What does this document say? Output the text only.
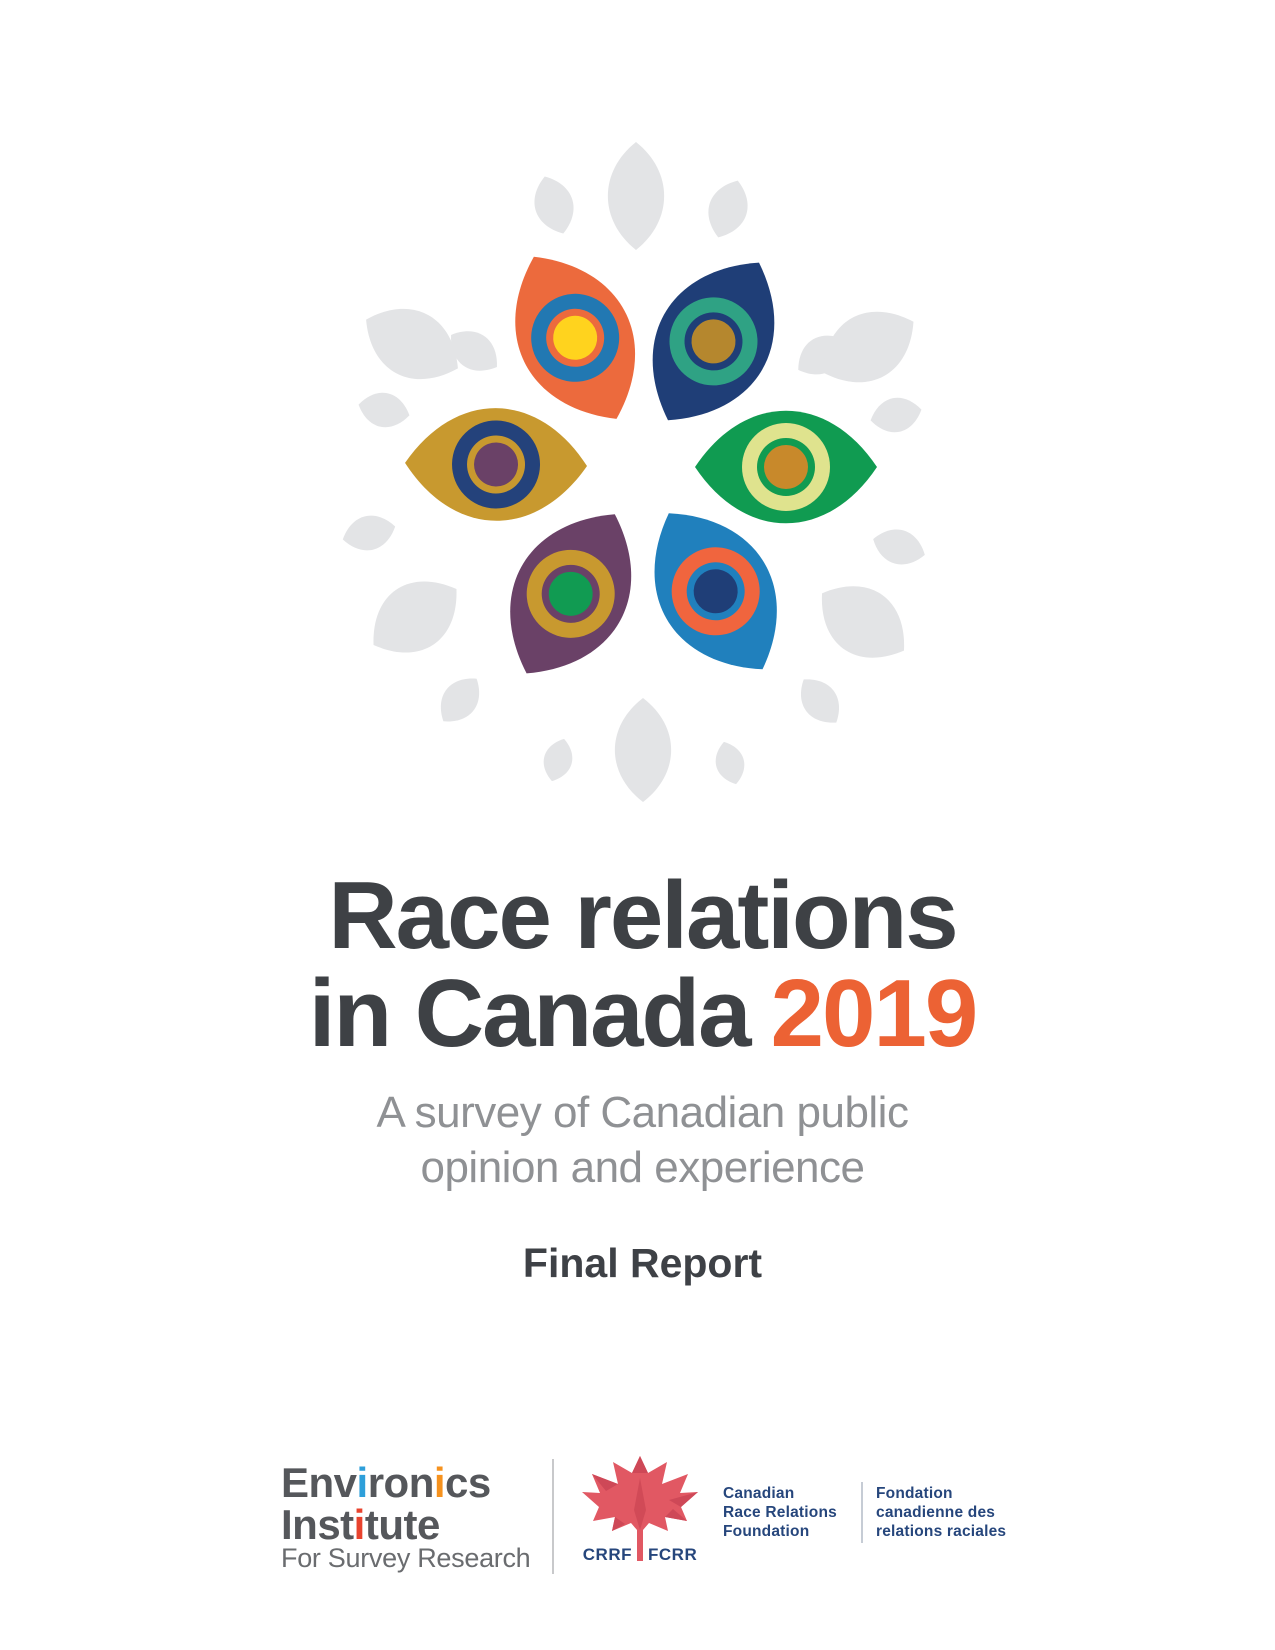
Race relations
in Canada 2019
A survey of Canadian public
opinion and experience
Final Report
Environics
Institute
For Survey Research	CRRF FCRR
Canadian
Race Relations
Foundation
Fondation
canadienne des
relations raciales
